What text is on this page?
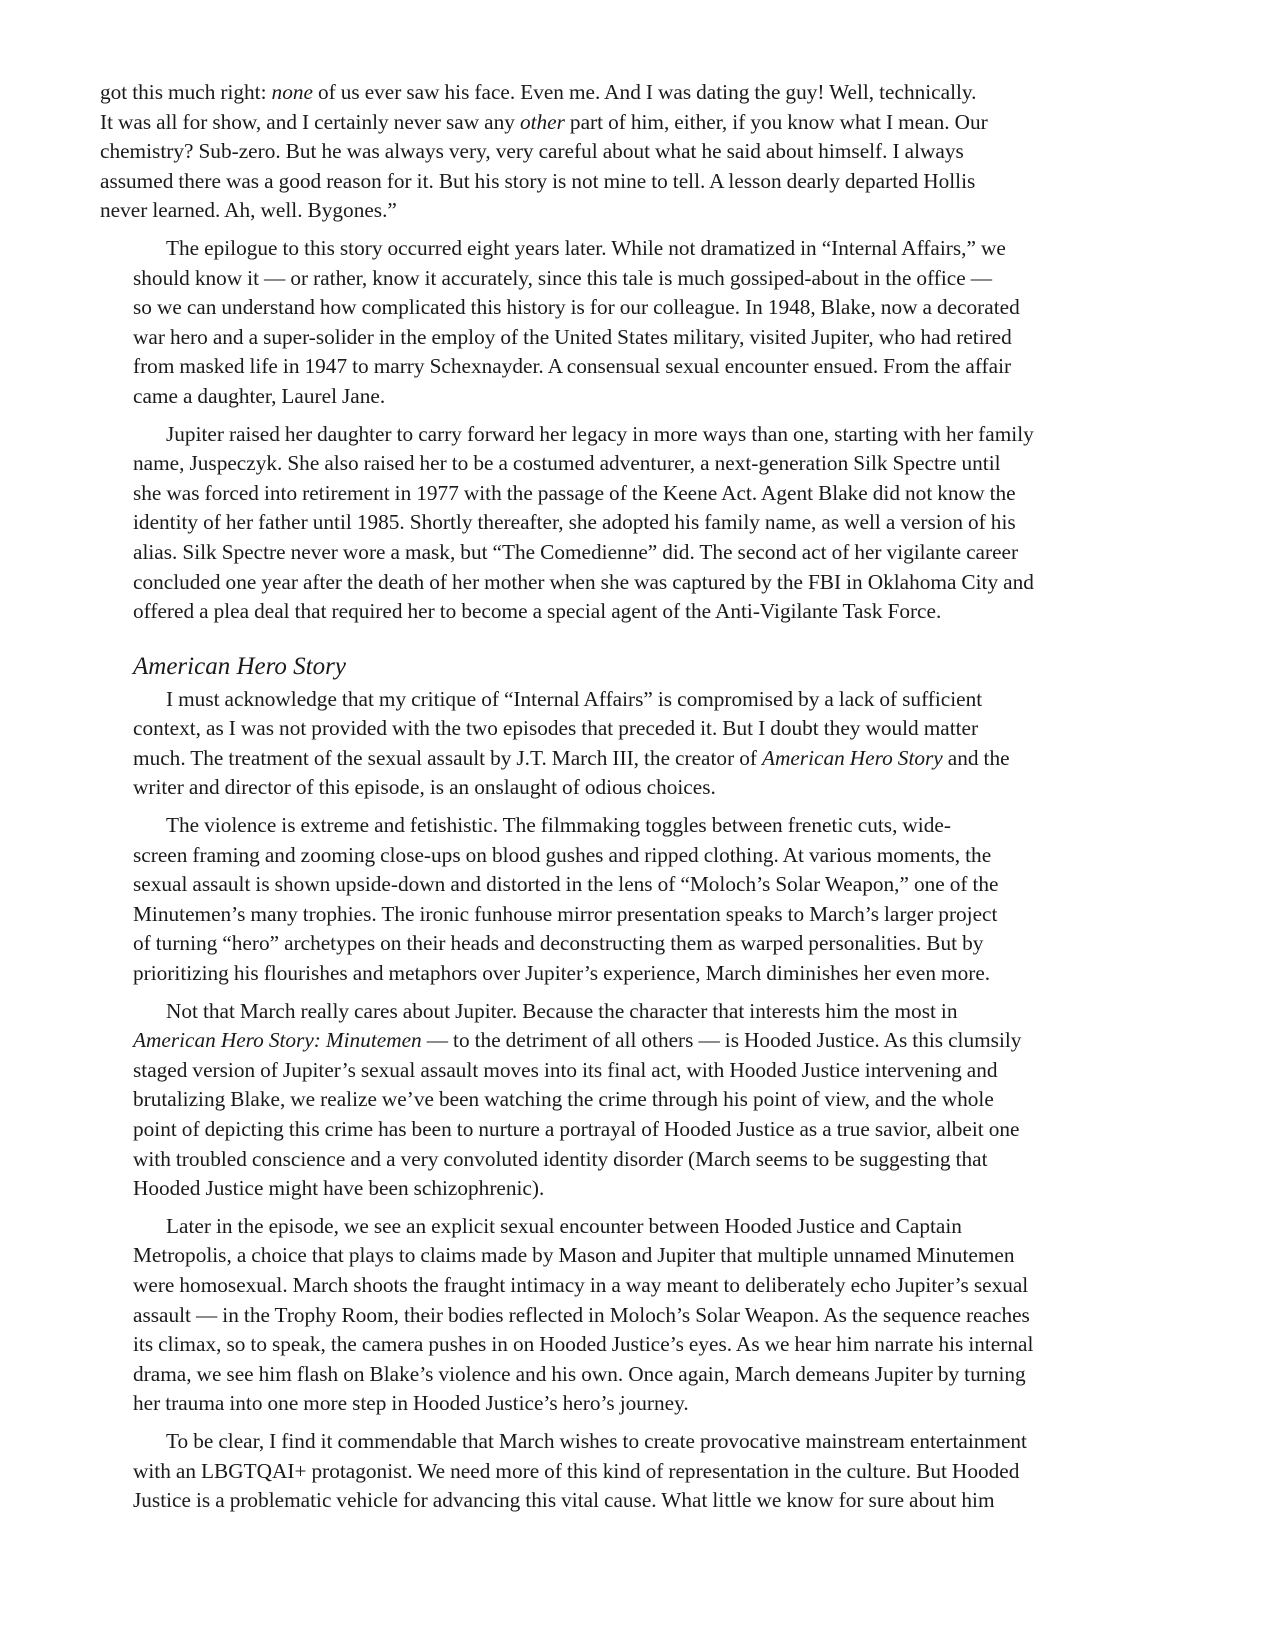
got this much right: none of us ever saw his face. Even me. And I was dating the guy! Well, technically.
It was all for show, and I certainly never saw any other part of him, either, if you know what I mean. Our
chemistry? Sub-zero. But he was always very, very careful about what he said about himself. I always
assumed there was a good reason for it. But his story is not mine to tell. A lesson dearly departed Hollis
never learned. Ah, well. Bygones.”
The epilogue to this story occurred eight years later. While not dramatized in “Internal Affairs,” we
should know it — or rather, know it accurately, since this tale is much gossiped-about in the office —
so we can understand how complicated this history is for our colleague. In 1948, Blake, now a decorated
war hero and a super-solider in the employ of the United States military, visited Jupiter, who had retired
from masked life in 1947 to marry Schexnayder. A consensual sexual encounter ensued. From the affair
came a daughter, Laurel Jane.
Jupiter raised her daughter to carry forward her legacy in more ways than one, starting with her family
name, Juspeczyk. She also raised her to be a costumed adventurer, a next-generation Silk Spectre until
she was forced into retirement in 1977 with the passage of the Keene Act. Agent Blake did not know the
identity of her father until 1985. Shortly thereafter, she adopted his family name, as well a version of his
alias. Silk Spectre never wore a mask, but “The Comedienne” did. The second act of her vigilante career
concluded one year after the death of her mother when she was captured by the FBI in Oklahoma City and
offered a plea deal that required her to become a special agent of the Anti-Vigilante Task Force.
American Hero Story
I must acknowledge that my critique of “Internal Affairs” is compromised by a lack of sufficient
context, as I was not provided with the two episodes that preceded it. But I doubt they would matter
much. The treatment of the sexual assault by J.T. March III, the creator of American Hero Story and the
writer and director of this episode, is an onslaught of odious choices.
The violence is extreme and fetishistic. The filmmaking toggles between frenetic cuts, wide-
screen framing and zooming close-ups on blood gushes and ripped clothing. At various moments, the
sexual assault is shown upside-down and distorted in the lens of “Moloch’s Solar Weapon,” one of the
Minutemen’s many trophies. The ironic funhouse mirror presentation speaks to March’s larger project
of turning “hero” archetypes on their heads and deconstructing them as warped personalities. But by
prioritizing his flourishes and metaphors over Jupiter’s experience, March diminishes her even more.
Not that March really cares about Jupiter. Because the character that interests him the most in
American Hero Story: Minutemen — to the detriment of all others — is Hooded Justice. As this clumsily
staged version of Jupiter’s sexual assault moves into its final act, with Hooded Justice intervening and
brutalizing Blake, we realize we’ve been watching the crime through his point of view, and the whole
point of depicting this crime has been to nurture a portrayal of Hooded Justice as a true savior, albeit one
with troubled conscience and a very convoluted identity disorder (March seems to be suggesting that
Hooded Justice might have been schizophrenic).
Later in the episode, we see an explicit sexual encounter between Hooded Justice and Captain
Metropolis, a choice that plays to claims made by Mason and Jupiter that multiple unnamed Minutemen
were homosexual. March shoots the fraught intimacy in a way meant to deliberately echo Jupiter’s sexual
assault — in the Trophy Room, their bodies reflected in Moloch’s Solar Weapon. As the sequence reaches
its climax, so to speak, the camera pushes in on Hooded Justice’s eyes. As we hear him narrate his internal
drama, we see him flash on Blake’s violence and his own. Once again, March demeans Jupiter by turning
her trauma into one more step in Hooded Justice’s hero’s journey.
To be clear, I find it commendable that March wishes to create provocative mainstream entertainment
with an LBGTQAI+ protagonist. We need more of this kind of representation in the culture. But Hooded
Justice is a problematic vehicle for advancing this vital cause. What little we know for sure about him
